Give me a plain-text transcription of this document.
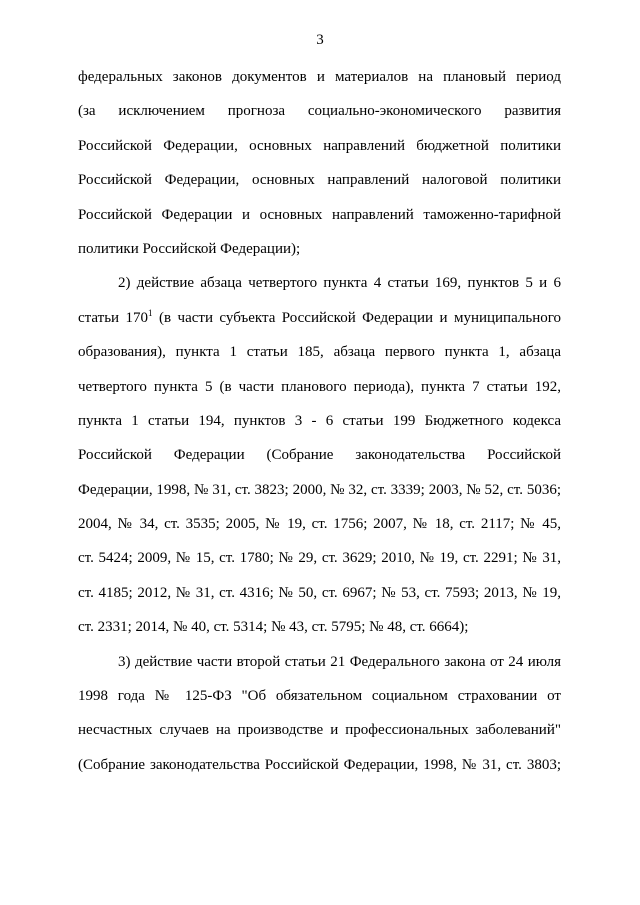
3
федеральных законов документов и материалов на плановый период
(за исключением прогноза социально-экономического развития
Российской Федерации, основных направлений бюджетной политики
Российской Федерации, основных направлений налоговой политики
Российской Федерации и основных направлений таможенно-тарифной
политики Российской Федерации);
2) действие абзаца четвертого пункта 4 статьи 169, пунктов 5 и 6
статьи $170^1$ (в части субъекта Российской Федерации и муниципального
образования), пункта 1 статьи 185, абзаца первого пункта 1, абзаца
четвертого пункта 5 (в части планового периода), пункта 7 статьи 192,
пункта 1 статьи 194, пунктов 3 - 6 статьи 199 Бюджетного кодекса
Российской Федерации (Собрание законодательства Российской
Федерации, 1998, № 31, ст. 3823; 2000, № 32, ст. 3339; 2003, № 52, ст. 5036;
2004, № 34, ст. 3535; 2005, № 19, ст. 1756; 2007, № 18, ст. 2117; № 45,
ст. 5424; 2009, № 15, ст. 1780; № 29, ст. 3629; 2010, № 19, ст. 2291; № 31,
ст. 4185; 2012, № 31, ст. 4316; № 50, ст. 6967; № 53, ст. 7593; 2013, № 19,
ст. 2331; 2014, № 40, ст. 5314; № 43, ст. 5795; № 48, ст. 6664);
3) действие части второй статьи 21 Федерального закона от 24 июля
1998 года № 125-ФЗ "Об обязательном социальном страховании от
несчастных случаев на производстве и профессиональных заболеваний"
(Собрание законодательства Российской Федерации, 1998, № 31, ст. 3803;
